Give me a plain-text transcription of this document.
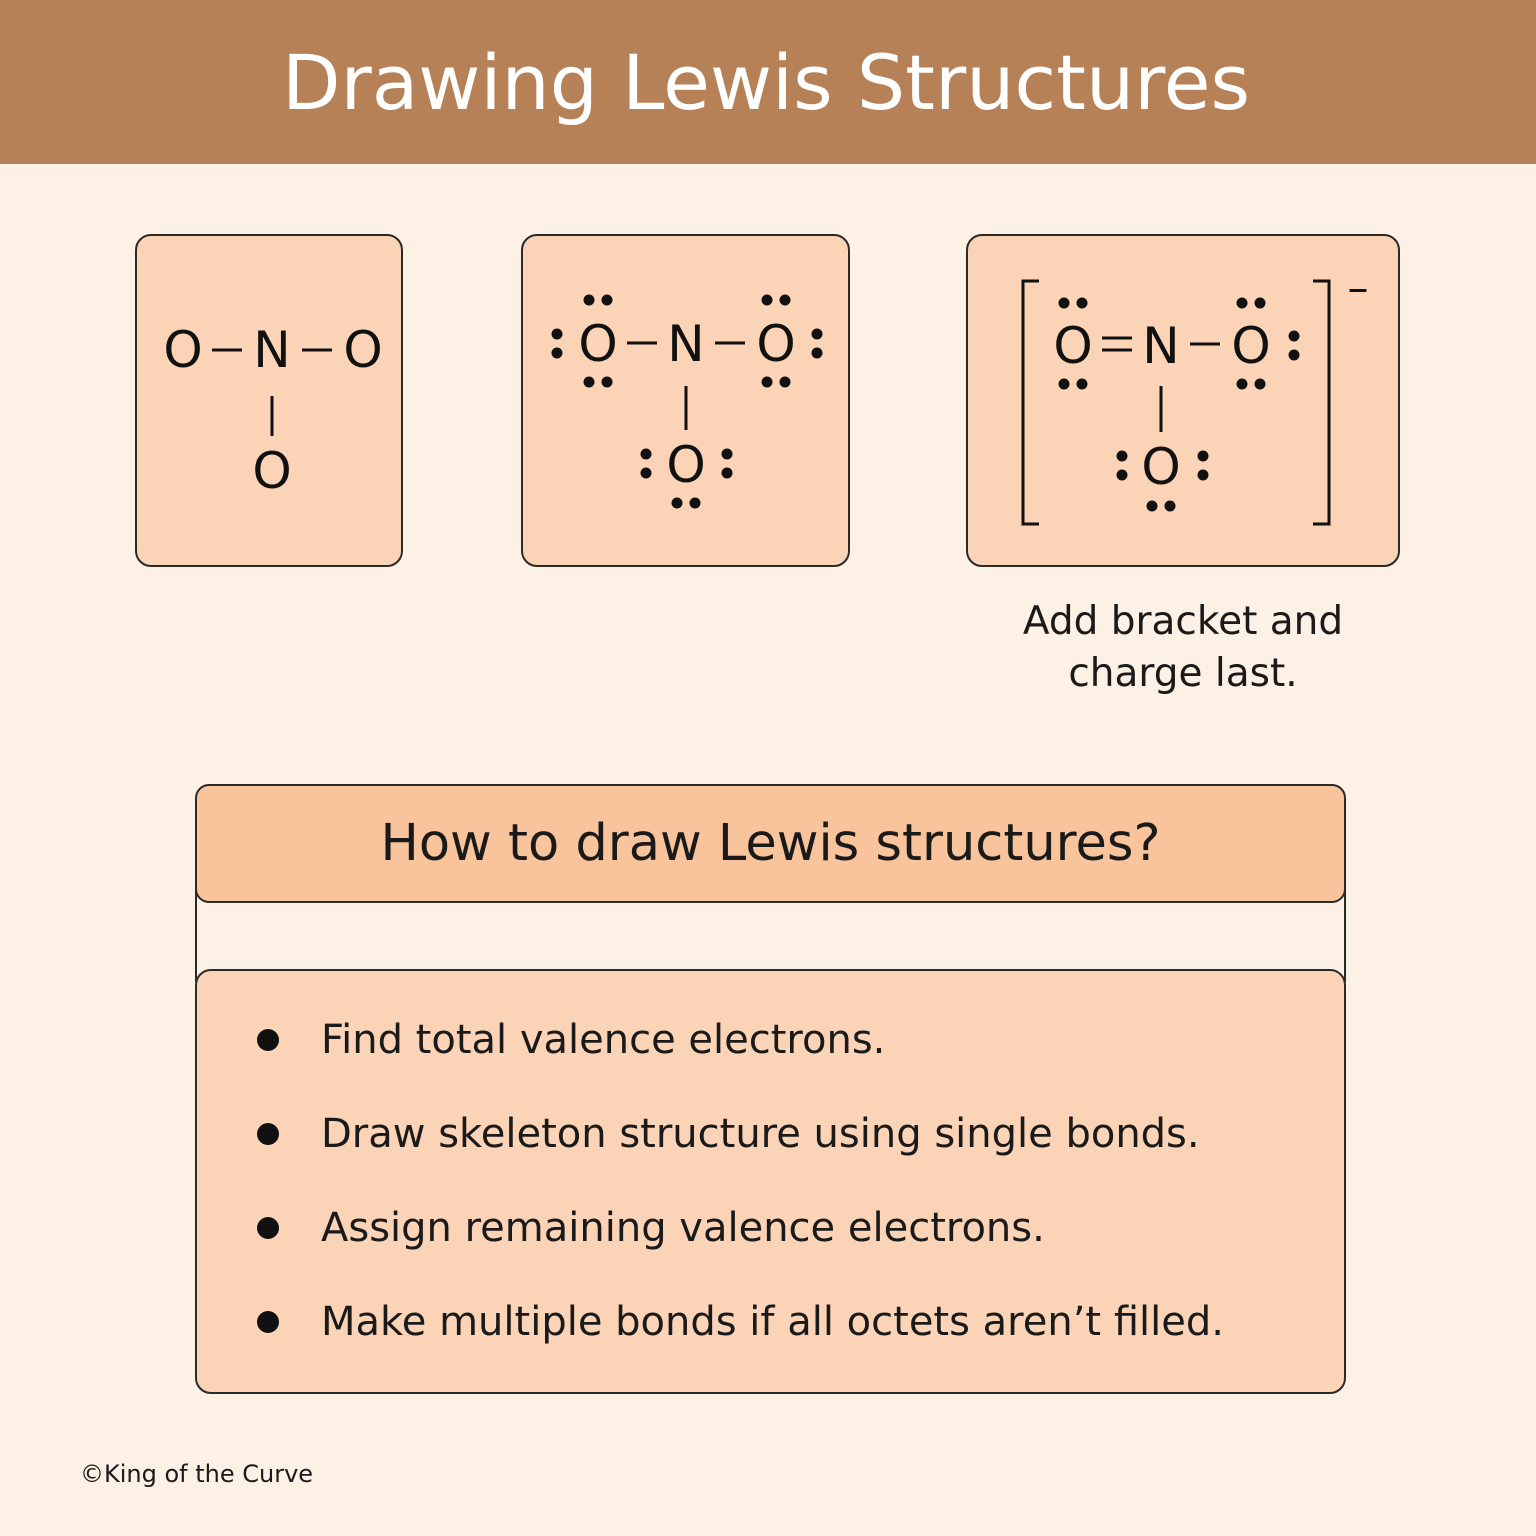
Drawing Lewis Structures
O N O
O
O N O
O
–
O N O
O
Add bracket and
charge last.
How to draw Lewis structures?
Find total valence electrons.
Draw skeleton structure using single bonds.
Assign remaining valence electrons.
Make multiple bonds if all octets aren’t filled.
©King of the Curve
